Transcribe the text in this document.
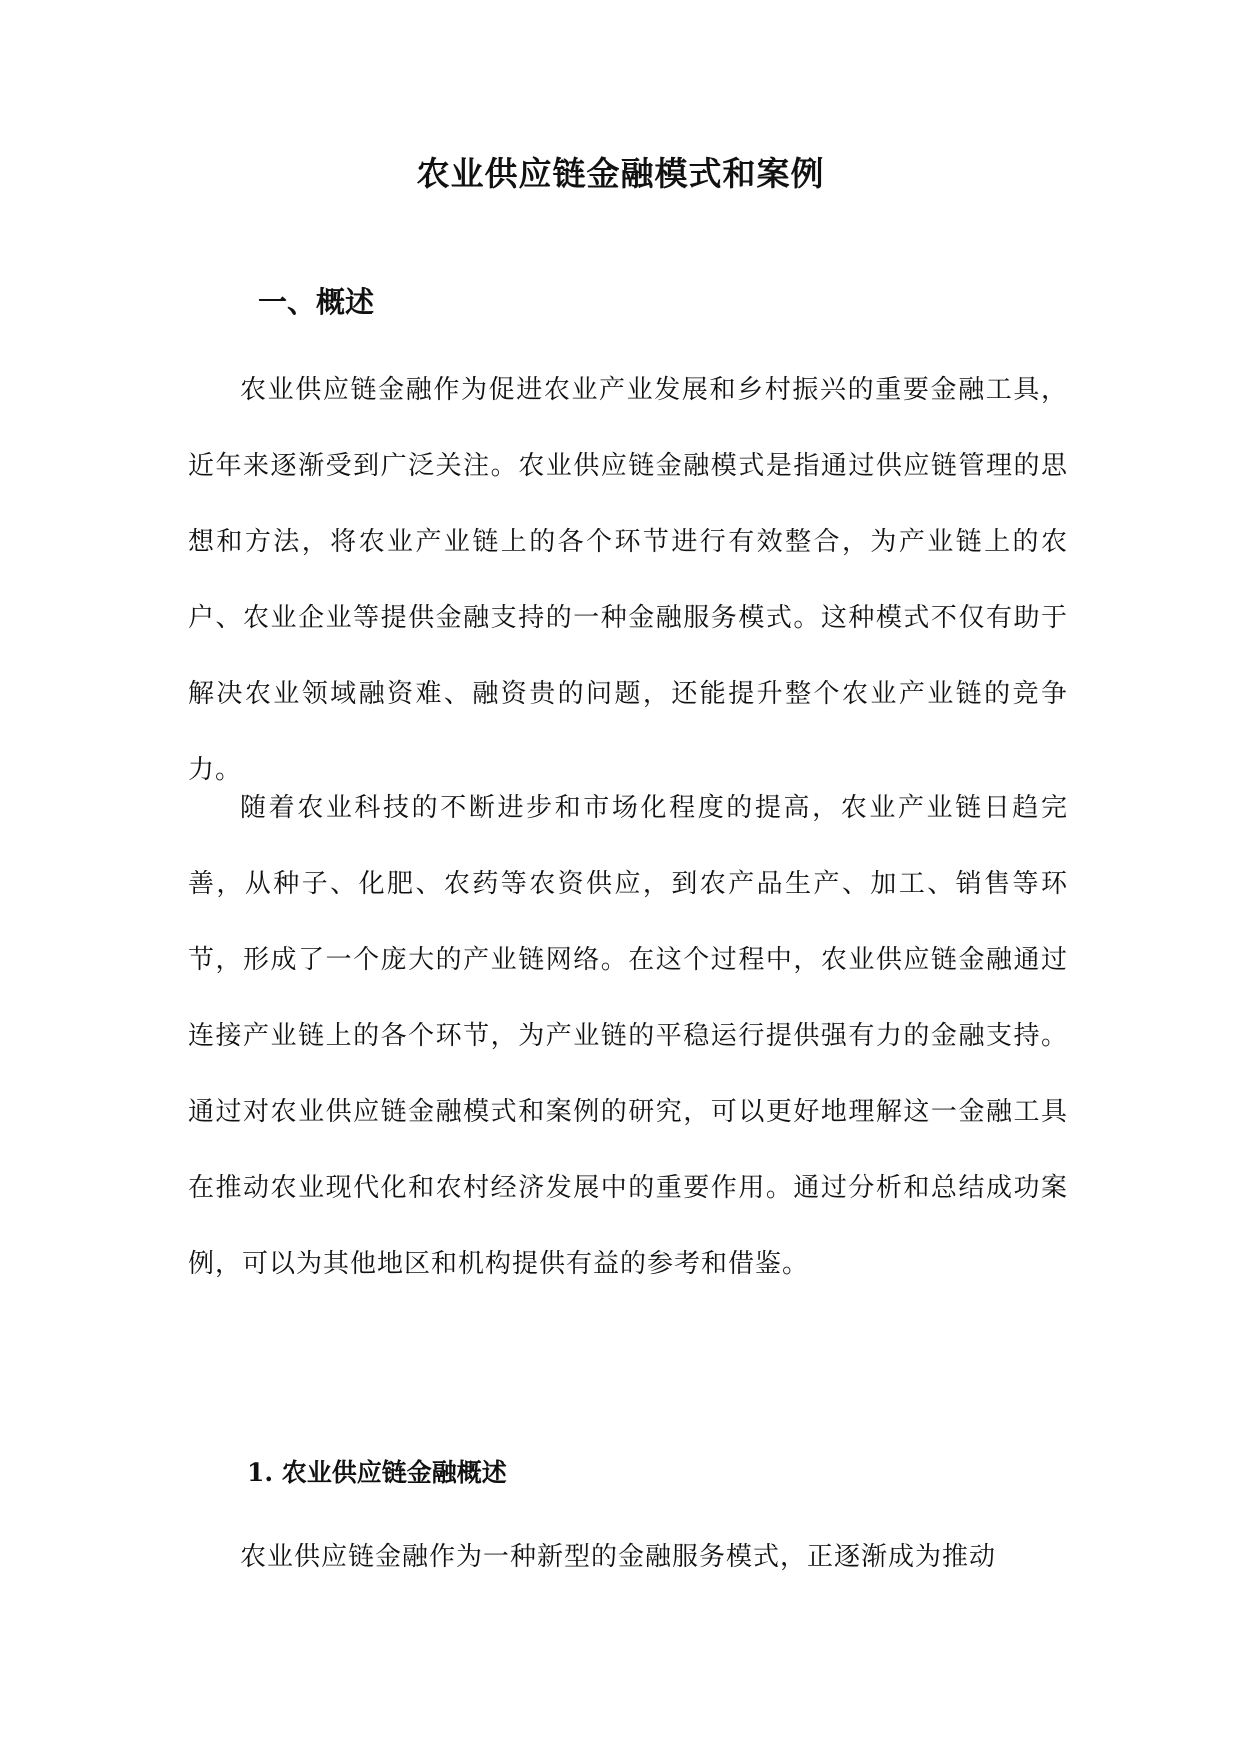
农业供应链金融模式和案例
一、概述

农业供应链金融作为促进农业产业发展和乡村振兴的重要金融工具，近年来逐渐受到广泛关注。农业供应链金融模式是指通过供应链管理的思想和方法，将农业产业链上的各个环节进行有效整合，为产业链上的农户、农业企业等提供金融支持的一种金融服务模式。这种模式不仅有助于解决农业领域融资难、融资贵的问题，还能提升整个农业产业链的竞争力。

随着农业科技的不断进步和市场化程度的提高，农业产业链日趋完善，从种子、化肥、农药等农资供应，到农产品生产、加工、销售等环节，形成了一个庞大的产业链网络。在这个过程中，农业供应链金融通过连接产业链上的各个环节，为产业链的平稳运行提供强有力的金融支持。通过对农业供应链金融模式和案例的研究，可以更好地理解这一金融工具在推动农业现代化和农村经济发展中的重要作用。通过分析和总结成功案例，可以为其他地区和机构提供有益的参考和借鉴。

1. 农业供应链金融概述

农业供应链金融作为一种新型的金融服务模式，正逐渐成为推动
